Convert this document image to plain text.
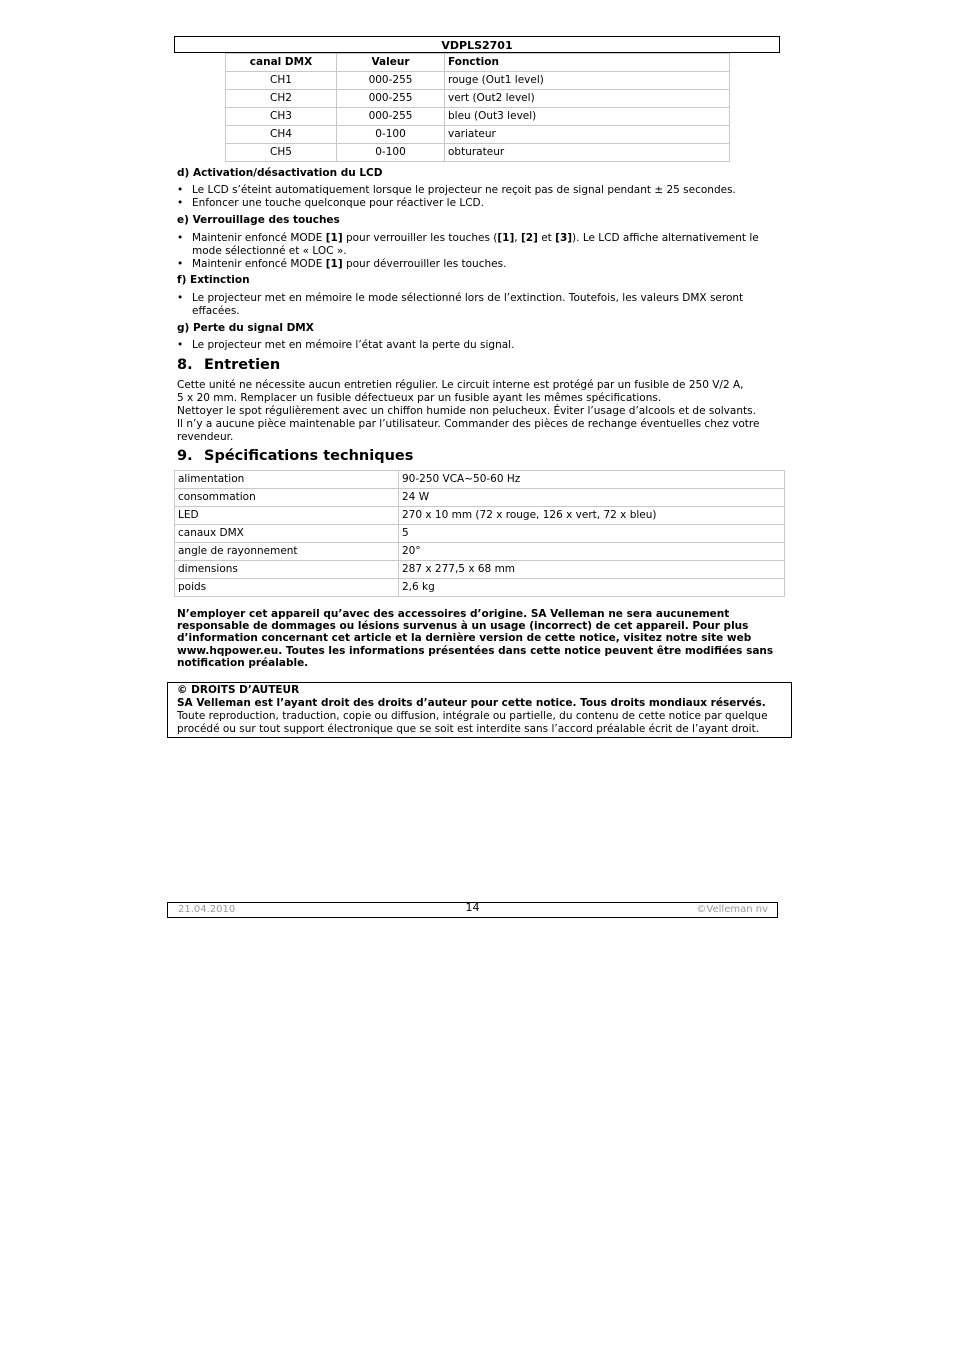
VDPLS2701
canal DMX	Valeur	Fonction
CH1	000-255	rouge (Out1 level)
CH2	000-255	vert (Out2 level)
CH3	000-255	bleu (Out3 level)
CH4	0-100	variateur
CH5	0-100	obturateur
d) Activation/désactivation du LCD
• Le LCD s’éteint automatiquement lorsque le projecteur ne reçoit pas de signal pendant ± 25 secondes.
• Enfoncer une touche quelconque pour réactiver le LCD.
e) Verrouillage des touches
• Maintenir enfoncé MODE [1] pour verrouiller les touches ([1], [2] et [3]). Le LCD affiche alternativement le mode sélectionné et « LOC ».
• Maintenir enfoncé MODE [1] pour déverrouiller les touches.
f) Extinction
• Le projecteur met en mémoire le mode sélectionné lors de l’extinction. Toutefois, les valeurs DMX seront effacées.
g) Perte du signal DMX
• Le projecteur met en mémoire l’état avant la perte du signal.
8. Entretien
Cette unité ne nécessite aucun entretien régulier. Le circuit interne est protégé par un fusible de 250 V/2 A,
5 x 20 mm. Remplacer un fusible défectueux par un fusible ayant les mêmes spécifications.
Nettoyer le spot régulièrement avec un chiffon humide non pelucheux. Éviter l’usage d’alcools et de solvants.
Il n’y a aucune pièce maintenable par l’utilisateur. Commander des pièces de rechange éventuelles chez votre
revendeur.
9. Spécifications techniques
alimentation	90-250 VCA~50-60 Hz
consommation	24 W
LED	270 x 10 mm (72 x rouge, 126 x vert, 72 x bleu)
canaux DMX	5
angle de rayonnement	20°
dimensions	287 x 277,5 x 68 mm
poids	2,6 kg
N’employer cet appareil qu’avec des accessoires d’origine. SA Velleman ne sera aucunement
responsable de dommages ou lésions survenus à un usage (incorrect) de cet appareil. Pour plus
d’information concernant cet article et la dernière version de cette notice, visitez notre site web
www.hqpower.eu. Toutes les informations présentées dans cette notice peuvent être modifiées sans
notification préalable.
© DROITS D’AUTEUR
SA Velleman est l’ayant droit des droits d’auteur pour cette notice. Tous droits mondiaux réservés.
Toute reproduction, traduction, copie ou diffusion, intégrale ou partielle, du contenu de cette notice par quelque
procédé ou sur tout support électronique que se soit est interdite sans l’accord préalable écrit de l’ayant droit.
21.04.2010	14	©Velleman nv
